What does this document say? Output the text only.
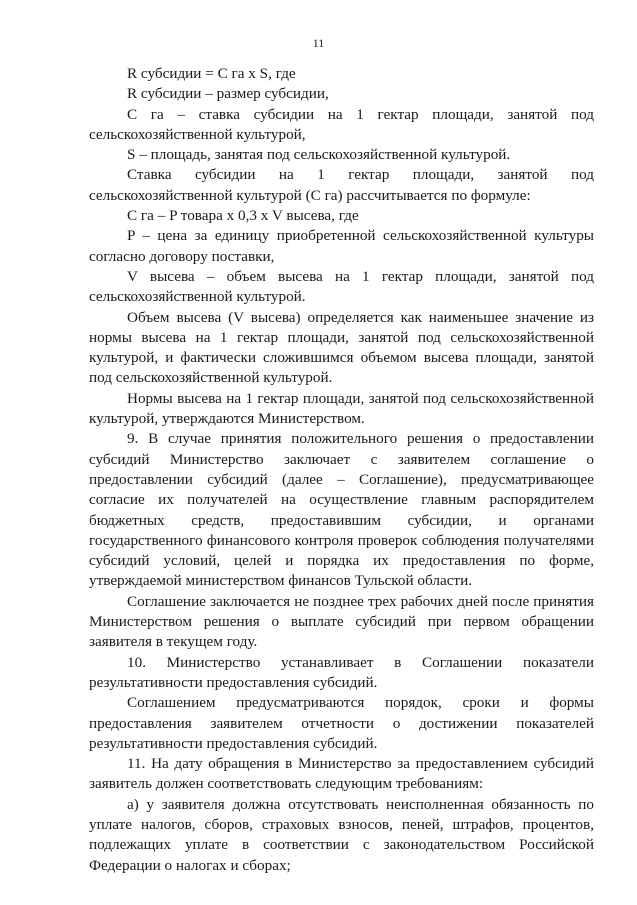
11
R субсидии = C га x S, где
R субсидии – размер субсидии,
C га – ставка субсидии на 1 гектар площади, занятой под
сельскохозяйственной культурой,
S – площадь, занятая под сельскохозяйственной культурой.
Ставка субсидии на 1 гектар площади, занятой под
сельскохозяйственной культурой (C га) рассчитывается по формуле:
C га – P товара x 0,3 x V высева, где
P – цена за единицу приобретенной сельскохозяйственной культуры
согласно договору поставки,
V высева – объем высева на 1 гектар площади, занятой под
сельскохозяйственной культурой.
Объем высева (V высева) определяется как наименьшее значение из
нормы высева на 1 гектар площади, занятой под сельскохозяйственной
культурой, и фактически сложившимся объемом высева площади, занятой
под сельскохозяйственной культурой.
Нормы высева на 1 гектар площади, занятой под сельскохозяйственной
культурой, утверждаются Министерством.
9. В случае принятия положительного решения о предоставлении
субсидий Министерство заключает с заявителем соглашение о
предоставлении субсидий (далее – Соглашение), предусматривающее
согласие их получателей на осуществление главным распорядителем
бюджетных средств, предоставившим субсидии, и органами
государственного финансового контроля проверок соблюдения получателями
субсидий условий, целей и порядка их предоставления по форме,
утверждаемой министерством финансов Тульской области.
Соглашение заключается не позднее трех рабочих дней после принятия
Министерством решения о выплате субсидий при первом обращении
заявителя в текущем году.
10. Министерство устанавливает в Соглашении показатели
результативности предоставления субсидий.
Соглашением предусматриваются порядок, сроки и формы
предоставления заявителем отчетности о достижении показателей
результативности предоставления субсидий.
11. На дату обращения в Министерство за предоставлением субсидий
заявитель должен соответствовать следующим требованиям:
а) у заявителя должна отсутствовать неисполненная обязанность по
уплате налогов, сборов, страховых взносов, пеней, штрафов, процентов,
подлежащих уплате в соответствии с законодательством Российской
Федерации о налогах и сборах;
